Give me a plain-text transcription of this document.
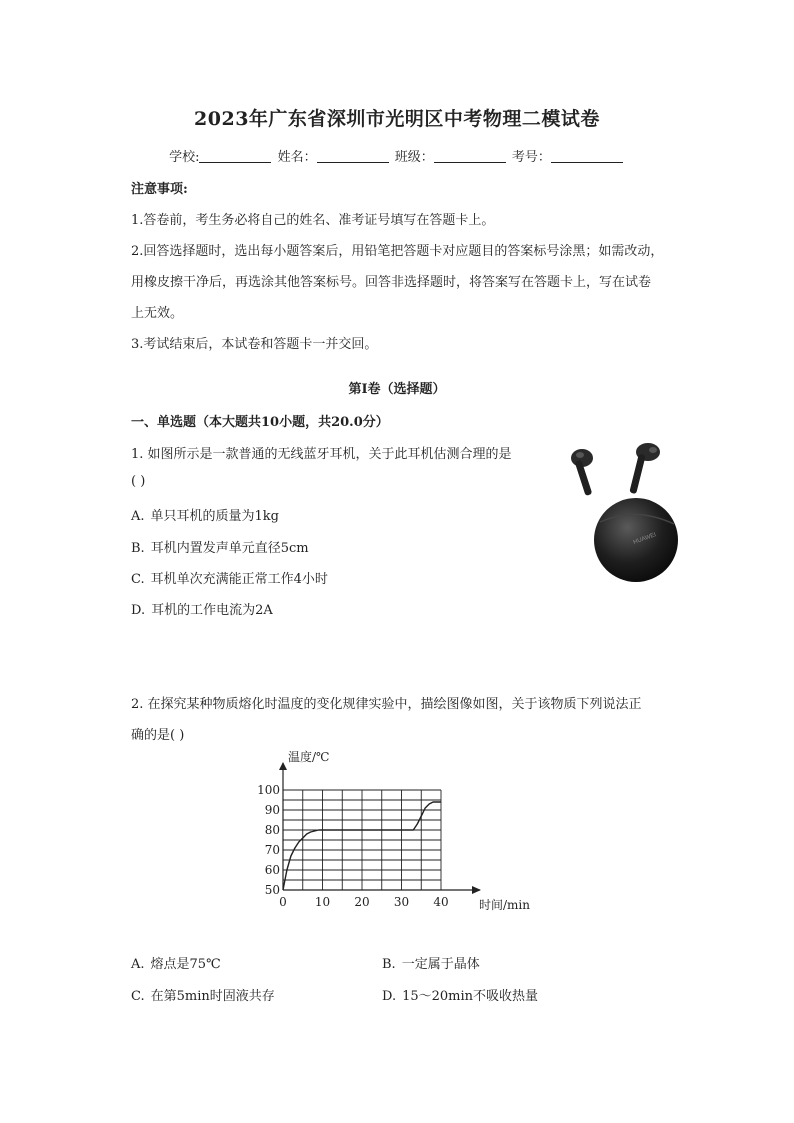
2023年广东省深圳市光明区中考物理二模试卷
学校:	姓名：	班级：	考号：
注意事项:
1.答卷前，考生务必将自己的姓名、准考证号填写在答题卡上。
2.回答选择题时，选出每小题答案后，用铅笔把答题卡对应题目的答案标号涂黑；如需改动，
用橡皮擦干净后，再选涂其他答案标号。回答非选择题时，将答案写在答题卡上，写在试卷
上无效。
3.考试结束后，本试卷和答题卡一并交回。
第I卷（选择题）
一、单选题（本大题共10小题，共20.0分）
1. 如图所示是一款普通的无线蓝牙耳机，关于此耳机估测合理的是
( )
A. 单只耳机的质量为1kg
B. 耳机内置发声单元直径5cm
C. 耳机单次充满能正常工作4小时
D. 耳机的工作电流为2A
HUAWEI
2. 在探究某种物质熔化时温度的变化规律实验中，描绘图像如图，关于该物质下列说法正
确的是( )
0 10 20 30 40
50
60
70
80
90
100
温度/℃
时间/min
A. 熔点是75℃	B. 一定属于晶体
C. 在第5min时固液共存	D. 15～20min不吸收热量
